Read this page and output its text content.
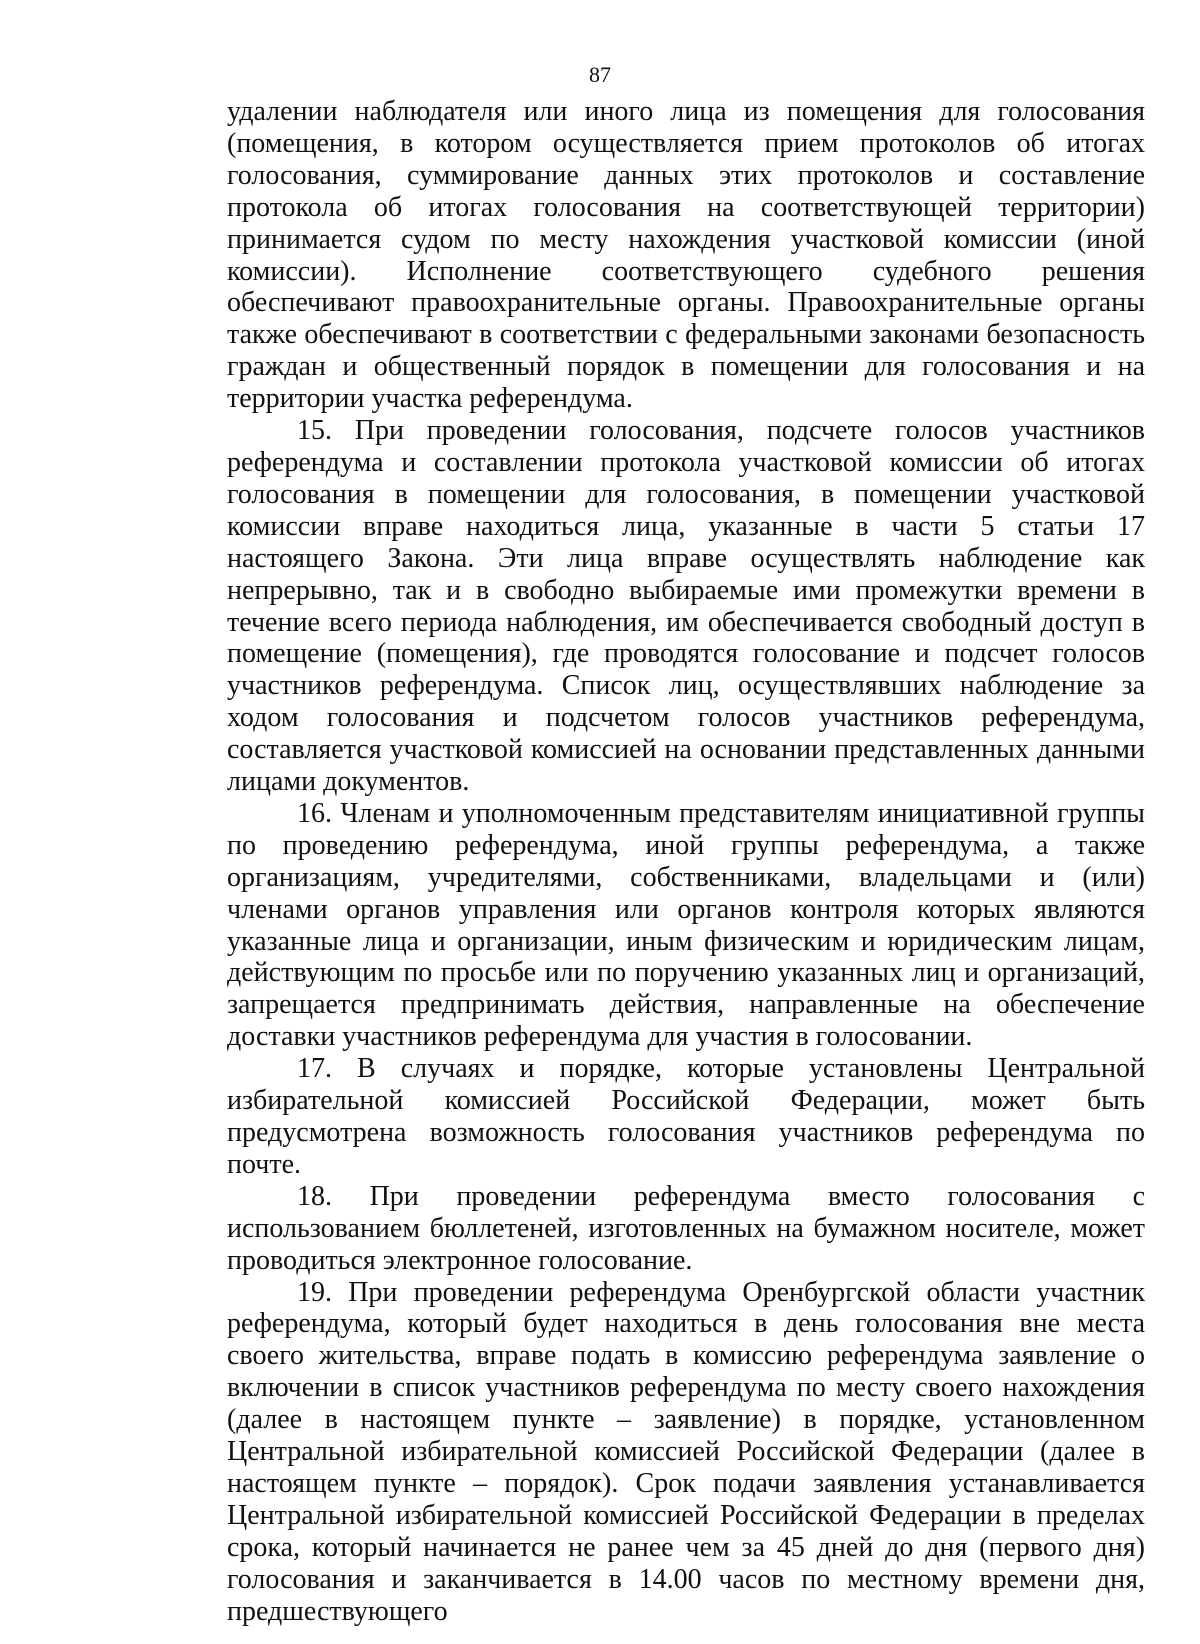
87

удалении наблюдателя или иного лица из помещения для голосования (помещения, в котором осуществляется прием протоколов об итогах голосования, суммирование данных этих протоколов и составление протокола об итогах голосования на соответствующей территории) принимается судом по месту нахождения участковой комиссии (иной комиссии). Исполнение соответствующего судебного решения обеспечивают правоохранительные органы. Правоохранительные органы также обеспечивают в соответствии с федеральными законами безопасность граждан и общественный порядок в помещении для голосования и на территории участка референдума.

15. При проведении голосования, подсчете голосов участников референдума и составлении протокола участковой комиссии об итогах голосования в помещении для голосования, в помещении участковой комиссии вправе находиться лица, указанные в части 5 статьи 17 настоящего Закона. Эти лица вправе осуществлять наблюдение как непрерывно, так и в свободно выбираемые ими промежутки времени в течение всего периода наблюдения, им обеспечивается свободный доступ в помещение (помещения), где проводятся голосование и подсчет голосов участников референдума. Список лиц, осуществлявших наблюдение за ходом голосования и подсчетом голосов участников референдума, составляется участковой комиссией на основании представленных данными лицами документов.

16. Членам и уполномоченным представителям инициативной группы по проведению референдума, иной группы референдума, а также организациям, учредителями, собственниками, владельцами и (или) членами органов управления или органов контроля которых являются указанные лица и организации, иным физическим и юридическим лицам, действующим по просьбе или по поручению указанных лиц и организаций, запрещается предпринимать действия, направленные на обеспечение доставки участников референдума для участия в голосовании.

17. В случаях и порядке, которые установлены Центральной избирательной комиссией Российской Федерации, может быть предусмотрена возможность голосования участников референдума по почте.

18. При проведении референдума вместо голосования с использованием бюллетеней, изготовленных на бумажном носителе, может проводиться электронное голосование.

19. При проведении референдума Оренбургской области участник референдума, который будет находиться в день голосования вне места своего жительства, вправе подать в комиссию референдума заявление о включении в список участников референдума по месту своего нахождения (далее в настоящем пункте – заявление) в порядке, установленном Центральной избирательной комиссией Российской Федерации (далее в настоящем пункте – порядок). Срок подачи заявления устанавливается Центральной избирательной комиссией Российской Федерации в пределах срока, который начинается не ранее чем за 45 дней до дня (первого дня) голосования и заканчивается в 14.00 часов по местному времени дня, предшествующего
